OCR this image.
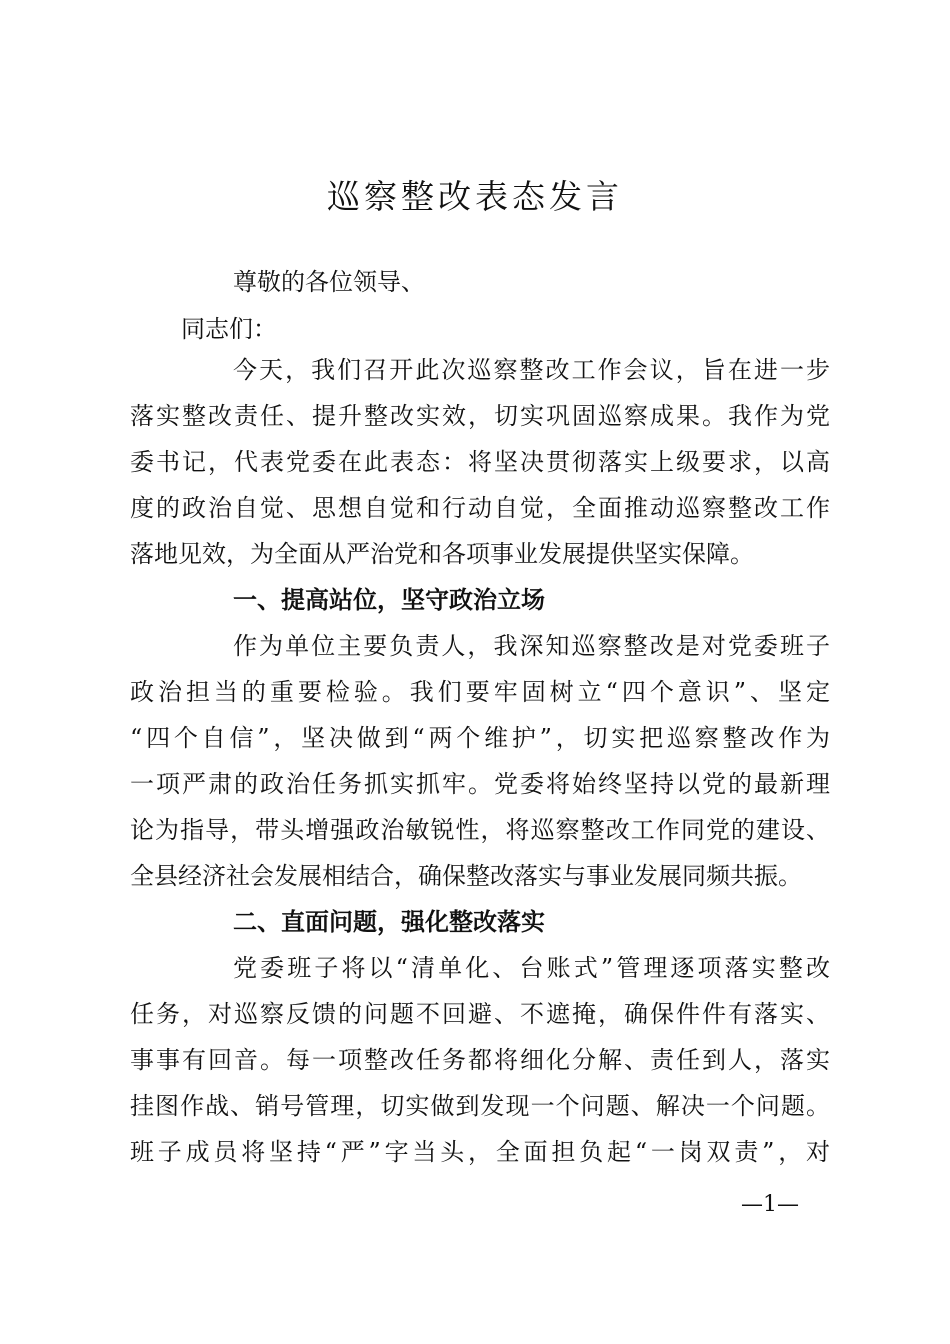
巡察整改表态发言
尊敬的各位领导、
同志们：
今天，我们召开此次巡察整改工作会议，旨在进一步
落实整改责任、提升整改实效，切实巩固巡察成果。我作为党
委书记，代表党委在此表态：将坚决贯彻落实上级要求，以高
度的政治自觉、思想自觉和行动自觉，全面推动巡察整改工作
落地见效，为全面从严治党和各项事业发展提供坚实保障。
一、提高站位，坚守政治立场
作为单位主要负责人，我深知巡察整改是对党委班子
政治担当的重要检验。我们要牢固树立“四个意识”、坚定
“四个自信”，坚决做到“两个维护”，切实把巡察整改作为
一项严肃的政治任务抓实抓牢。党委将始终坚持以党的最新理
论为指导，带头增强政治敏锐性，将巡察整改工作同党的建设、
全县经济社会发展相结合，确保整改落实与事业发展同频共振。
二、直面问题，强化整改落实
党委班子将以“清单化、台账式”管理逐项落实整改
任务，对巡察反馈的问题不回避、不遮掩，确保件件有落实、
事事有回音。每一项整改任务都将细化分解、责任到人，落实
挂图作战、销号管理，切实做到发现一个问题、解决一个问题。
班子成员将坚持“严”字当头，全面担负起“一岗双责”，对
—1—
